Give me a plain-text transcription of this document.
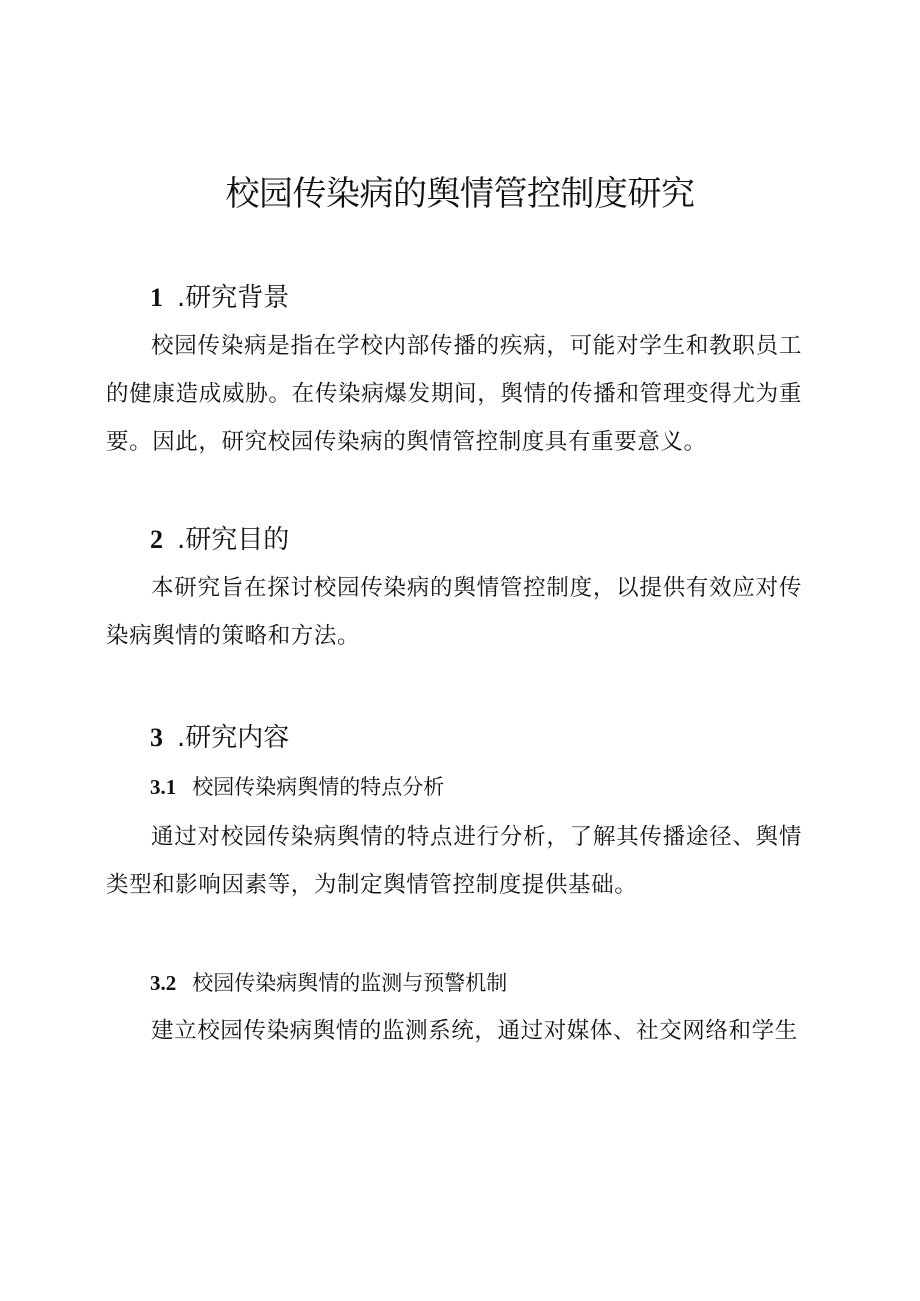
校园传染病的舆情管控制度研究
1 .研究背景

校园传染病是指在学校内部传播的疾病，可能对学生和教职员工的健康造成威胁。在传染病爆发期间，舆情的传播和管理变得尤为重要。因此，研究校园传染病的舆情管控制度具有重要意义。

2 .研究目的

本研究旨在探讨校园传染病的舆情管控制度，以提供有效应对传染病舆情的策略和方法。

3 .研究内容
3.1 校园传染病舆情的特点分析

通过对校园传染病舆情的特点进行分析，了解其传播途径、舆情类型和影响因素等，为制定舆情管控制度提供基础。

3.2 校园传染病舆情的监测与预警机制

建立校园传染病舆情的监测系统，通过对媒体、社交网络和学生
